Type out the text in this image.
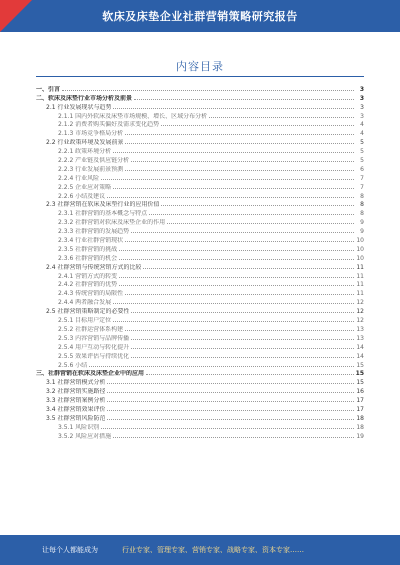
软床及床垫企业社群营销策略研究报告
内容目录
一、引言	3
二、软床及床垫行业市场分析及前景	3
2.1 行业发展现状与趋势	3
2.1.1 国内外软床及床垫市场规模、增长、区域分布分析	3
2.1.2 消费者购买偏好及需求变化趋势	4
2.1.3 市场竞争格局分析	4
2.2 行业政策环境及发展前景	5
2.2.1 政策环境分析	5
2.2.2 产业链及供应链分析	5
2.2.3 行业发展前景预测	6
2.2.4 行业风险	7
2.2.5 企业应对策略	7
2.2.6 小结及建议	8
2.3 社群营销在软床及床垫行业的应用价值	8
2.3.1 社群营销的基本概念与特点	8
2.3.2 社群营销对软床及床垫企业的作用	9
2.3.3 社群营销的发展趋势	9
2.3.4 行业社群营销现状	10
2.3.5 社群营销的挑战	10
2.3.6 社群营销的机会	10
2.4 社群营销与传统营销方式的比较	11
2.4.1 营销方式的转变	11
2.4.2 社群营销的优势	11
2.4.3 传统营销的局限性	11
2.4.4 两者融合发展	12
2.5 社群营销策略制定的必要性	12
2.5.1 目标用户定位	12
2.5.2 社群运营体系构建	13
2.5.3 内容营销与品牌传播	13
2.5.4 用户互动与转化提升	14
2.5.5 效果评估与持续优化	14
2.5.6 小结	15
三、社群营销在软床及床垫企业中的应用	15
3.1 社群营销模式分析	15
3.2 社群营销实施路径	16
3.3 社群营销案例分析	17
3.4 社群营销效果评价	17
3.5 社群营销风险防范	18
3.5.1 风险识别	18
3.5.2 风险应对措施	19
让每个人都能成为	行业专家、管理专家、营销专家、战略专家、资本专家……
